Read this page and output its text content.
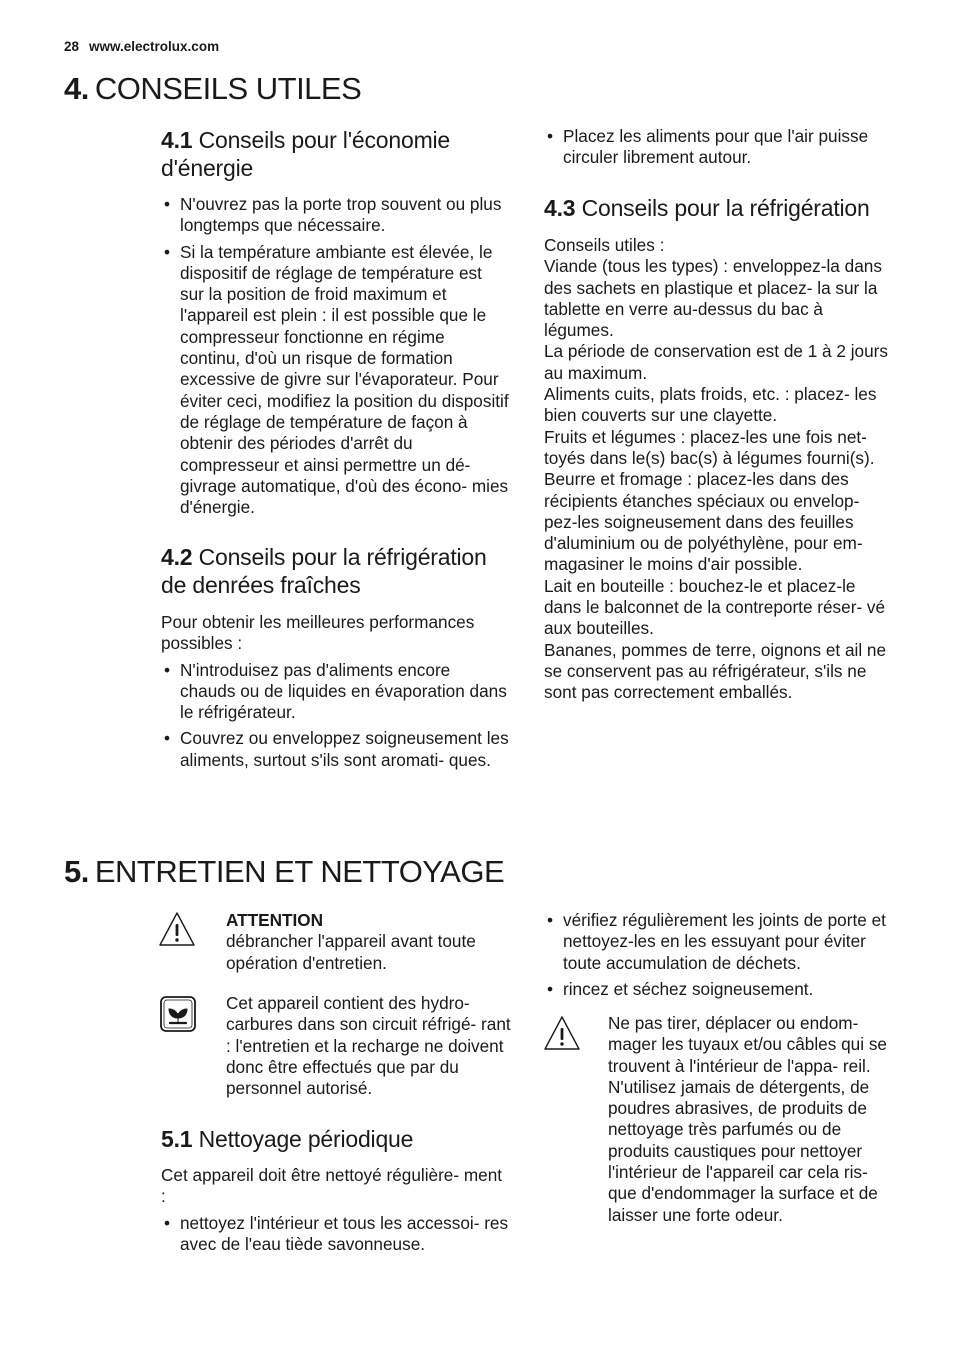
28 www.electrolux.com
4. CONSEILS UTILES
4.1 Conseils pour l'économie d'énergie
• N'ouvrez pas la porte trop souvent ou plus longtemps que nécessaire.
• Si la température ambiante est élevée, le dispositif de réglage de température est sur la position de froid maximum et l'appareil est plein : il est possible que le compresseur fonctionne en régime continu, d'où un risque de formation excessive de givre sur l'évaporateur. Pour éviter ceci, modifiez la position du dispositif de réglage de température de façon à obtenir des périodes d'arrêt du compresseur et ainsi permettre un dé- givrage automatique, d'où des écono- mies d'énergie.
4.2 Conseils pour la réfrigération de denrées fraîches

Pour obtenir les meilleures performances possibles :

• N'introduisez pas d'aliments encore chauds ou de liquides en évaporation dans le réfrigérateur.
• Couvrez ou enveloppez soigneusement les aliments, surtout s'ils sont aromati- ques.
• Placez les aliments pour que l'air puisse circuler librement autour.
4.3 Conseils pour la réfrigération

Conseils utiles :

Viande (tous les types) : enveloppez-la dans des sachets en plastique et placez- la sur la tablette en verre au-dessus du bac à légumes.

La période de conservation est de 1 à 2 jours au maximum.

Aliments cuits, plats froids, etc. : placez- les bien couverts sur une clayette.

Fruits et légumes : placez-les une fois net- toyés dans le(s) bac(s) à légumes fourni(s).

Beurre et fromage : placez-les dans des récipients étanches spéciaux ou envelop- pez-les soigneusement dans des feuilles d'aluminium ou de polyéthylène, pour em- magasiner le moins d'air possible.

Lait en bouteille : bouchez-le et placez-le dans le balconnet de la contreporte réser- vé aux bouteilles.

Bananes, pommes de terre, oignons et ail ne se conservent pas au réfrigérateur, s'ils ne sont pas correctement emballés.

5. ENTRETIEN ET NETTOYAGE

ATTENTION

débrancher l'appareil avant toute opération d'entretien.

Cet appareil contient des hydro- carbures dans son circuit réfrigé- rant : l'entretien et la recharge ne doivent donc être effectués que par du personnel autorisé.

5.1 Nettoyage périodique

Cet appareil doit être nettoyé régulière- ment :

• nettoyez l'intérieur et tous les accessoi- res avec de l'eau tiède savonneuse.
• vérifiez régulièrement les joints de porte et nettoyez-les en les essuyant pour éviter toute accumulation de déchets.
• rincez et séchez soigneusement.

Ne pas tirer, déplacer ou endom- mager les tuyaux et/ou câbles qui se trouvent à l'intérieur de l'appa- reil.

N'utilisez jamais de détergents, de poudres abrasives, de produits de nettoyage très parfumés ou de produits caustiques pour nettoyer l'intérieur de l'appareil car cela ris- que d'endommager la surface et de laisser une forte odeur.
